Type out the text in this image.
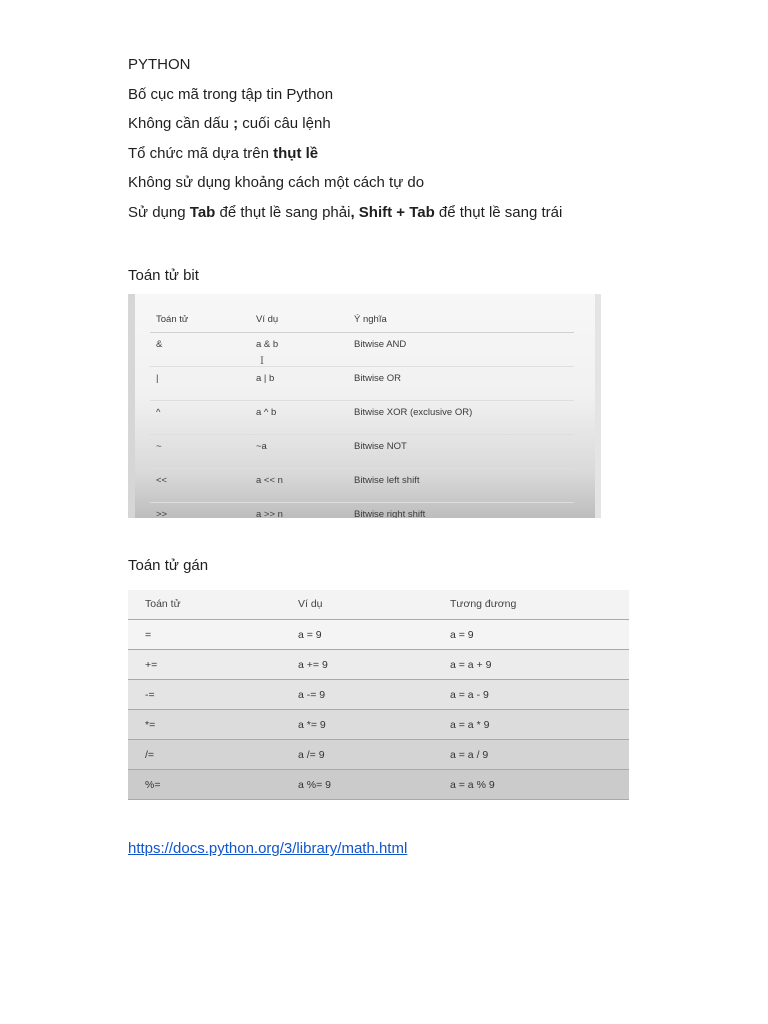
PYTHON
Bố cục mã trong tập tin Python
Không cần dấu ; cuối câu lệnh
Tổ chức mã dựa trên thụt lề
Không sử dụng khoảng cách một cách tự do
Sử dụng Tab để thụt lề sang phải, Shift + Tab để thụt lề sang trái
Toán tử bit
Toán tử	Ví dụ	Ý nghĩa
&	a & b	Bitwise AND
|	a | b	Bitwise OR
^	a ^ b	Bitwise XOR (exclusive OR)
~	~a	Bitwise NOT
<<	a << n	Bitwise left shift
>>	a >> n	Bitwise right shift
I
Toán tử gán
Toán tử	Ví dụ	Tương đương
=	a = 9	a = 9
+=	a += 9	a = a + 9
-=	a -= 9	a = a - 9
*=	a *= 9	a = a * 9
/=	a /= 9	a = a / 9
%=	a %= 9	a = a % 9
https://docs.python.org/3/library/math.html
